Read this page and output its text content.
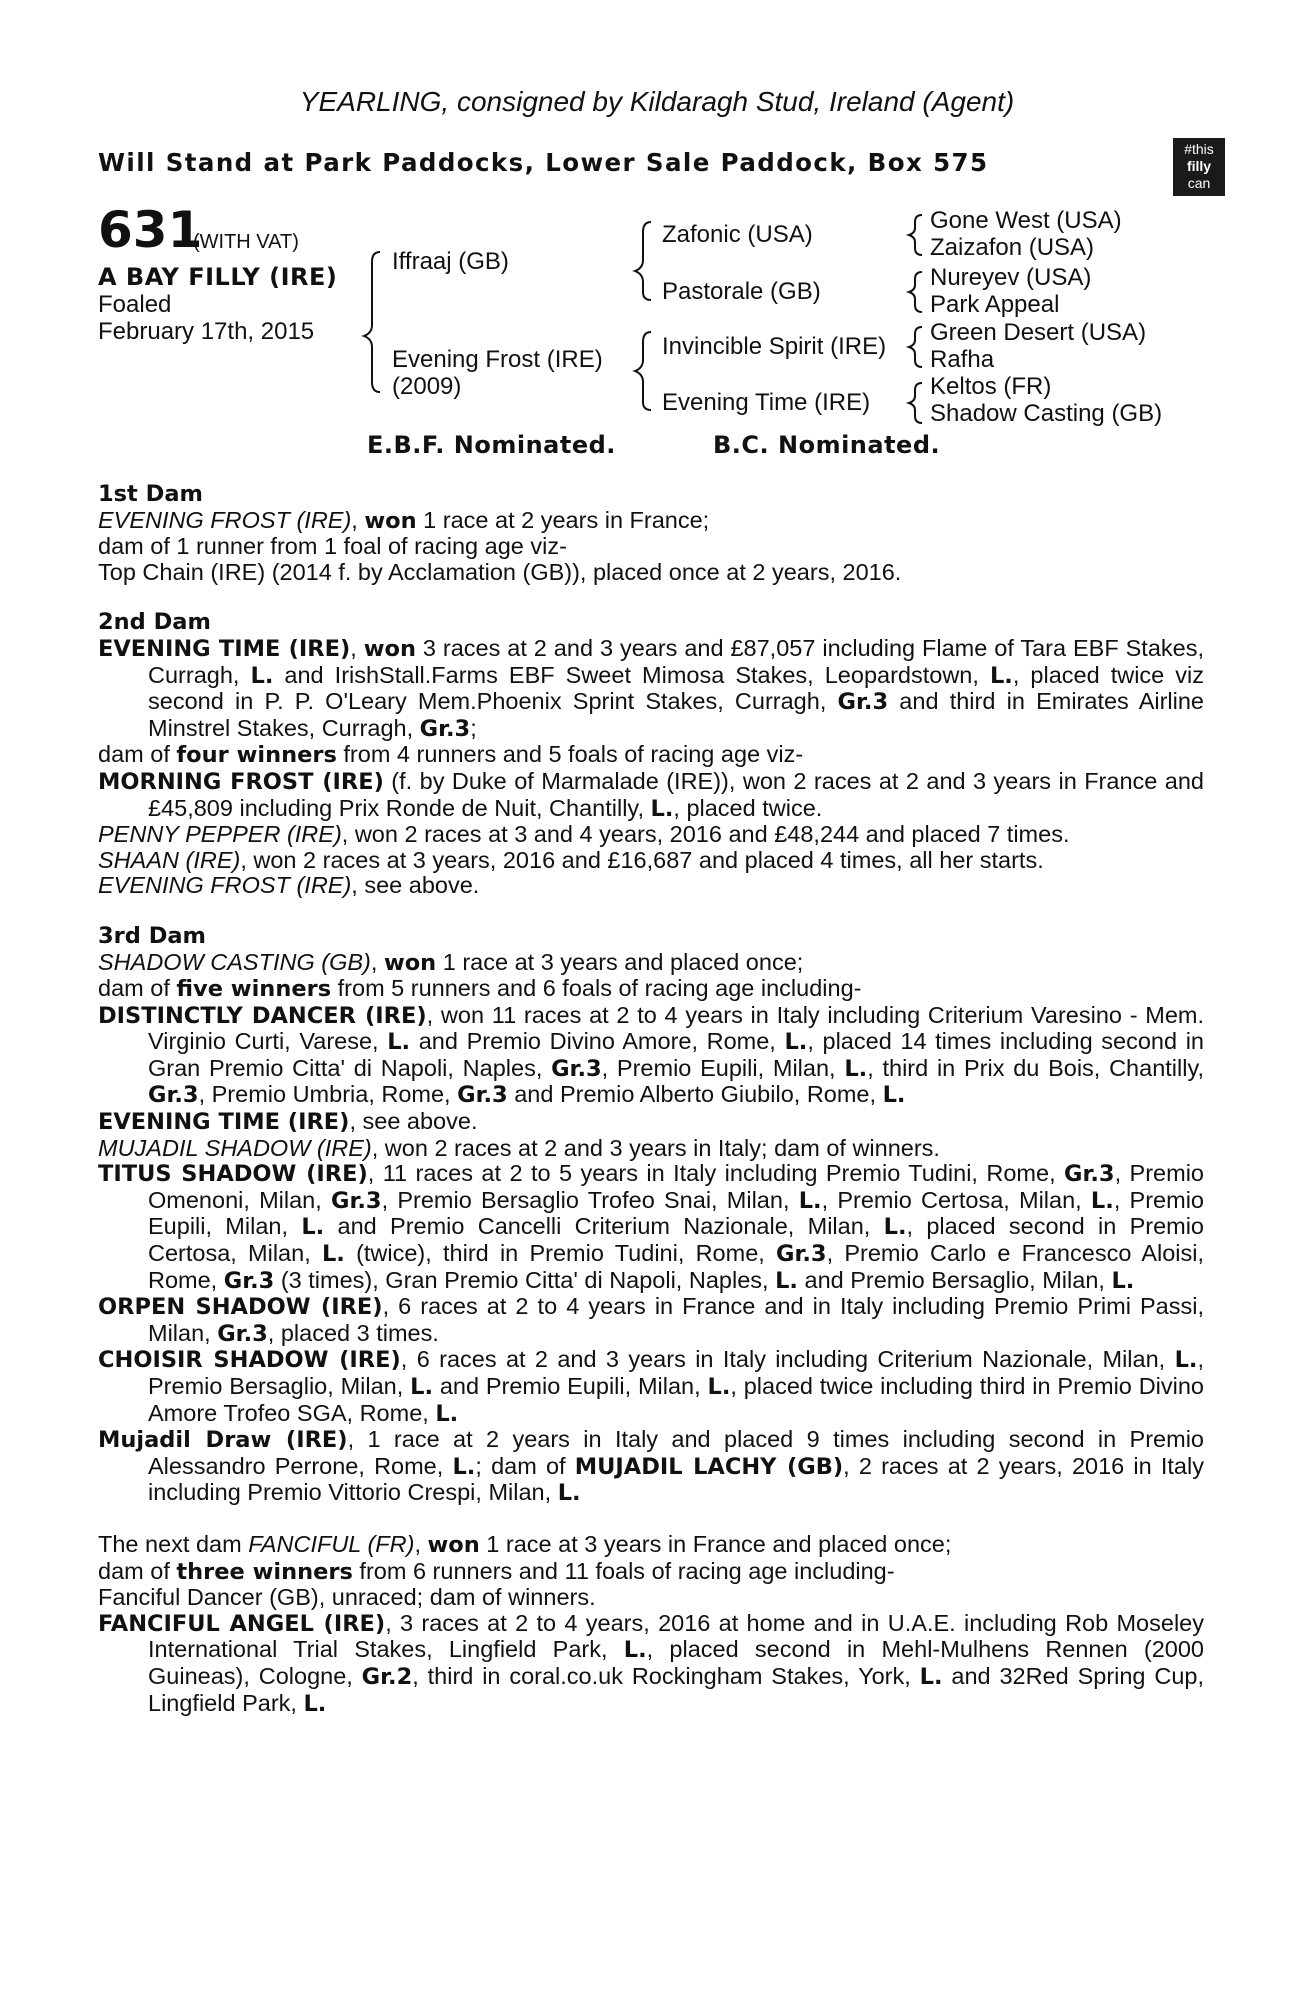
YEARLING, consigned by Kildaragh Stud, Ireland (Agent)
Will Stand at Park Paddocks, Lower Sale Paddock, Box 575	#this
filly
can
631
(WITH VAT)
A BAY FILLY (IRE)
Foaled
February 17th, 2015
Iffraaj (GB)
Evening Frost (IRE)
(2009)
Zafonic (USA)
Pastorale (GB)
Invincible Spirit (IRE)
Evening Time (IRE)
Gone West (USA)
Zaizafon (USA)
Nureyev (USA)
Park Appeal
Green Desert (USA)
Rafha
Keltos (FR)
Shadow Casting (GB)
E.B.F. Nominated.	B.C. Nominated.

1st Dam

EVENING FROST (IRE), won 1 race at 2 years in France;

dam of 1 runner from 1 foal of racing age viz-

Top Chain (IRE) (2014 f. by Acclamation (GB)), placed once at 2 years, 2016.

2nd Dam

EVENING TIME (IRE), won 3 races at 2 and 3 years and £87,057 including Flame of Tara EBF Stakes, Curragh, L. and IrishStall.Farms EBF Sweet Mimosa Stakes, Leopardstown, L., placed twice viz second in P. P. O'Leary Mem.Phoenix Sprint Stakes, Curragh, Gr.3 and third in Emirates Airline Minstrel Stakes, Curragh, Gr.3;

dam of four winners from 4 runners and 5 foals of racing age viz-

MORNING FROST (IRE) (f. by Duke of Marmalade (IRE)), won 2 races at 2 and 3 years in France and £45,809 including Prix Ronde de Nuit, Chantilly, L., placed twice.

PENNY PEPPER (IRE), won 2 races at 3 and 4 years, 2016 and £48,244 and placed 7 times.

SHAAN (IRE), won 2 races at 3 years, 2016 and £16,687 and placed 4 times, all her starts.

EVENING FROST (IRE), see above.

3rd Dam

SHADOW CASTING (GB), won 1 race at 3 years and placed once;

dam of five winners from 5 runners and 6 foals of racing age including-

DISTINCTLY DANCER (IRE), won 11 races at 2 to 4 years in Italy including Criterium Varesino - Mem. Virginio Curti, Varese, L. and Premio Divino Amore, Rome, L., placed 14 times including second in Gran Premio Citta' di Napoli, Naples, Gr.3, Premio Eupili, Milan, L., third in Prix du Bois, Chantilly, Gr.3, Premio Umbria, Rome, Gr.3 and Premio Alberto Giubilo, Rome, L.

EVENING TIME (IRE), see above.

MUJADIL SHADOW (IRE), won 2 races at 2 and 3 years in Italy; dam of winners.

TITUS SHADOW (IRE), 11 races at 2 to 5 years in Italy including Premio Tudini, Rome, Gr.3, Premio Omenoni, Milan, Gr.3, Premio Bersaglio Trofeo Snai, Milan, L., Premio Certosa, Milan, L., Premio Eupili, Milan, L. and Premio Cancelli Criterium Nazionale, Milan, L., placed second in Premio Certosa, Milan, L. (twice), third in Premio Tudini, Rome, Gr.3, Premio Carlo e Francesco Aloisi, Rome, Gr.3 (3 times), Gran Premio Citta' di Napoli, Naples, L. and Premio Bersaglio, Milan, L.

ORPEN SHADOW (IRE), 6 races at 2 to 4 years in France and in Italy including Premio Primi Passi, Milan, Gr.3, placed 3 times.

CHOISIR SHADOW (IRE), 6 races at 2 and 3 years in Italy including Criterium Nazionale, Milan, L., Premio Bersaglio, Milan, L. and Premio Eupili, Milan, L., placed twice including third in Premio Divino Amore Trofeo SGA, Rome, L.

Mujadil Draw (IRE), 1 race at 2 years in Italy and placed 9 times including second in Premio Alessandro Perrone, Rome, L.; dam of MUJADIL LACHY (GB), 2 races at 2 years, 2016 in Italy including Premio Vittorio Crespi, Milan, L.

The next dam FANCIFUL (FR), won 1 race at 3 years in France and placed once;

dam of three winners from 6 runners and 11 foals of racing age including-

Fanciful Dancer (GB), unraced; dam of winners.

FANCIFUL ANGEL (IRE), 3 races at 2 to 4 years, 2016 at home and in U.A.E. including Rob Moseley International Trial Stakes, Lingfield Park, L., placed second in Mehl-Mulhens Rennen (2000 Guineas), Cologne, Gr.2, third in coral.co.uk Rockingham Stakes, York, L. and 32Red Spring Cup, Lingfield Park, L.
